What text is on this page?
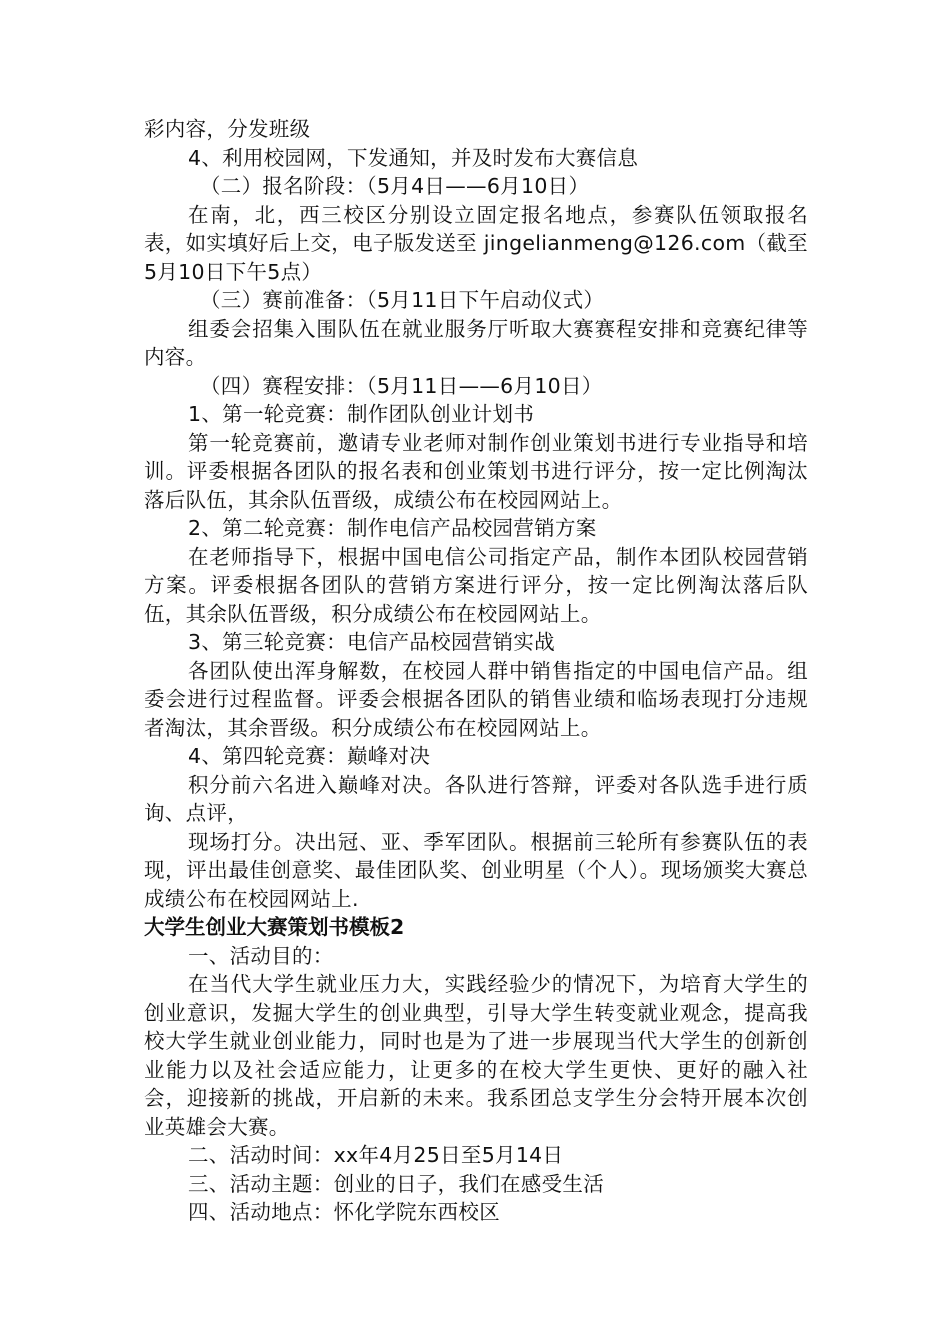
彩内容，分发班级

4、利用校园网，下发通知，并及时发布大赛信息

（二）报名阶段：（5月4日——6月10日）

在南，北，西三校区分别设立固定报名地点，参赛队伍领取报名表，如实填好后上交，电子版发送至 jingelianmeng@126.com（截至5月10日下午5点）

（三）赛前准备：（5月11日下午启动仪式）

组委会招集入围队伍在就业服务厅听取大赛赛程安排和竞赛纪律等内容。

（四）赛程安排：（5月11日——6月10日）

1、第一轮竞赛：制作团队创业计划书

第一轮竞赛前，邀请专业老师对制作创业策划书进行专业指导和培训。评委根据各团队的报名表和创业策划书进行评分，按一定比例淘汰落后队伍，其余队伍晋级，成绩公布在校园网站上。

2、第二轮竞赛：制作电信产品校园营销方案

在老师指导下，根据中国电信公司指定产品，制作本团队校园营销方案。评委根据各团队的营销方案进行评分，按一定比例淘汰落后队伍，其余队伍晋级，积分成绩公布在校园网站上。

3、第三轮竞赛：电信产品校园营销实战

各团队使出浑身解数，在校园人群中销售指定的中国电信产品。组委会进行过程监督。评委会根据各团队的销售业绩和临场表现打分违规者淘汰，其余晋级。积分成绩公布在校园网站上。

4、第四轮竞赛：巅峰对决

积分前六名进入巅峰对决。各队进行答辩，评委对各队选手进行质询、点评，

现场打分。决出冠、亚、季军团队。根据前三轮所有参赛队伍的表现，评出最佳创意奖、最佳团队奖、创业明星（个人）。现场颁奖大赛总成绩公布在校园网站上.

大学生创业大赛策划书模板2

一、活动目的：

在当代大学生就业压力大，实践经验少的情况下，为培育大学生的创业意识，发掘大学生的创业典型，引导大学生转变就业观念，提高我校大学生就业创业能力，同时也是为了进一步展现当代大学生的创新创业能力以及社会适应能力，让更多的在校大学生更快、更好的融入社会，迎接新的挑战，开启新的未来。我系团总支学生分会特开展本次创业英雄会大赛。

二、活动时间：xx年4月25日至5月14日

三、活动主题：创业的日子，我们在感受生活

四、活动地点：怀化学院东西校区
